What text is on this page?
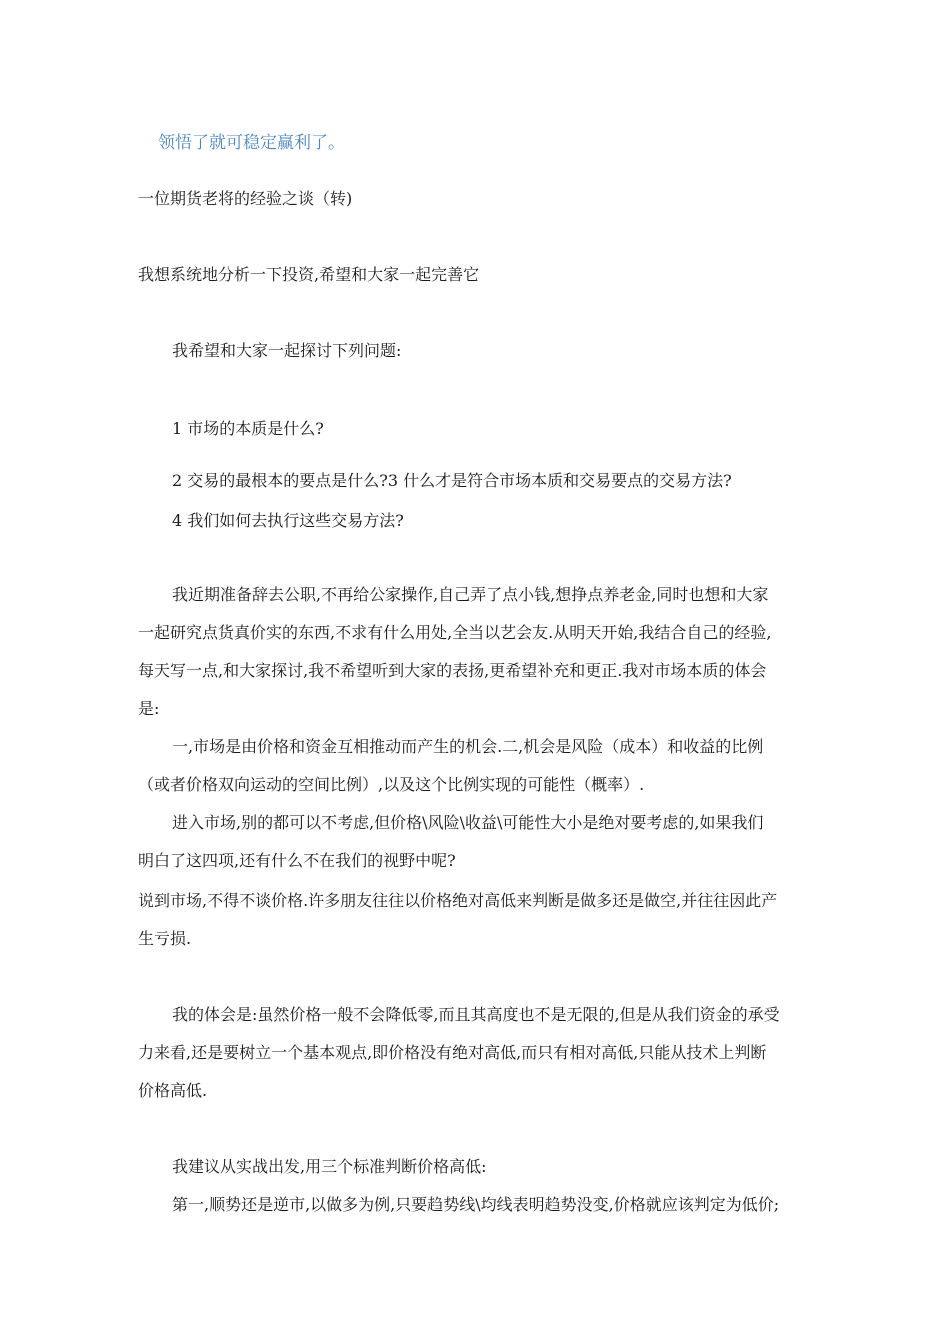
领悟了就可稳定赢利了。
一位期货老将的经验之谈（转)
我想系统地分析一下投资,希望和大家一起完善它
我希望和大家一起探讨下列问题:
1 市场的本质是什么?
2 交易的最根本的要点是什么?3 什么才是符合市场本质和交易要点的交易方法?
4 我们如何去执行这些交易方法?
我近期准备辞去公职,不再给公家操作,自己弄了点小钱,想挣点养老金,同时也想和大家
一起研究点货真价实的东西,不求有什么用处,全当以艺会友.从明天开始,我结合自己的经验,
每天写一点,和大家探讨,我不希望听到大家的表扬,更希望补充和更正.我对市场本质的体会
是:
一,市场是由价格和资金互相推动而产生的机会.二,机会是风险（成本）和收益的比例
（或者价格双向运动的空间比例）,以及这个比例实现的可能性（概率）.
进入市场,别的都可以不考虑,但价格\风险\收益\可能性大小是绝对要考虑的,如果我们
明白了这四项,还有什么不在我们的视野中呢?
说到市场,不得不谈价格.许多朋友往往以价格绝对高低来判断是做多还是做空,并往往因此产
生亏损.
我的体会是:虽然价格一般不会降低零,而且其高度也不是无限的,但是从我们资金的承受
力来看,还是要树立一个基本观点,即价格没有绝对高低,而只有相对高低,只能从技术上判断
价格高低.
我建议从实战出发,用三个标准判断价格高低:
第一,顺势还是逆市,以做多为例,只要趋势线\均线表明趋势没变,价格就应该判定为低价;
